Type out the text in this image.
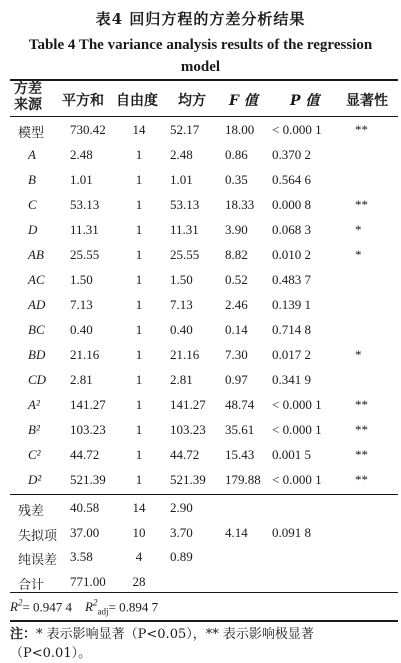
表4 回归方程的方差分析结果
Table 4 The variance analysis results of the regression model
方差
来源 平方和 自由度 均方 F 值 P 值 显著性
模型 730.42	14	52.17 18.00 < 0.000 1	**
A	2.48	1	2.48 0.86 0.370 2
B	1.01	1	1.01 0.35 0.564 6
C	53.13	1	53.13 18.33 0.000 8	**
D	11.31	1	11.31 3.90 0.068 3	*
AB 25.55	1	25.55 8.82 0.010 2	*
AC 1.50	1	1.50 0.52 0.483 7
AD 7.13	1	7.13 2.46 0.139 1
BC 0.40	1	0.40 0.14 0.714 8
BD 21.16	1	21.16 7.30 0.017 2	*
CD 2.81	1	2.81 0.97 0.341 9
A² 141.27	1	141.27 48.74 < 0.000 1	**
B² 103.23	1	103.23 35.61 < 0.000 1	**
C² 44.72	1	44.72 15.43 0.001 5	**
D² 521.39	1	521.39 179.88 < 0.000 1	**
残差 40.58	14	2.90
失拟项 37.00	10	3.70 4.14 0.091 8
纯误差 3.58	4	0.89
合计 771.00	28
$R^2= 0.947$ 4 $R^2_{adj}= 0.894$ 7
注：* 表示影响显著（P<0.05），** 表示影响极显著（P<0.01）。
